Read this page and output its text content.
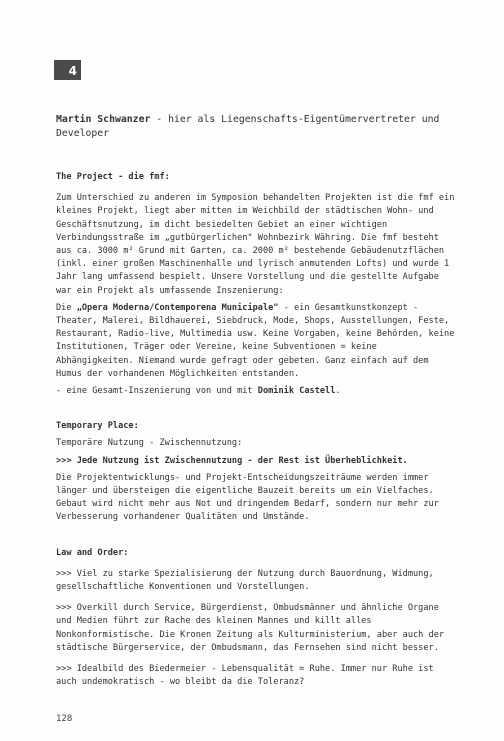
4

Martin Schwanzer - hier als Liegenschafts-Eigentümervertreter und Developer

The Project - die fmf:

Zum Unterschied zu anderen im Symposion behandelten Projekten ist die fmf ein kleines Projekt, liegt aber mitten im Weichbild der städtischen Wohn- und Geschäftsnutzung, im dicht besiedelten Gebiet an einer wichtigen Verbindungsstraße im „gutbürgerlichen" Wohnbezirk Währing. Die fmf besteht aus ca. 3000 m² Grund mit Garten, ca. 2000 m² bestehende Gebäudenutzflächen (inkl. einer großen Maschinenhalle und lyrisch anmutenden Lofts) und wurde 1 Jahr lang umfassend bespielt. Unsere Vorstellung und die gestellte Aufgabe war ein Projekt als umfassende Inszenierung:

Die „Opera Moderna/Contemporena Municipale" - ein Gesamtkunstkonzept - Theater, Malerei, Bildhauerei, Siebdruck, Mode, Shops, Ausstellungen, Feste, Restaurant, Radio-live, Multimedia usw. Keine Vorgaben, keine Behörden, keine Institutionen, Träger oder Vereine, keine Subventionen = keine Abhängigkeiten. Niemand wurde gefragt oder gebeten. Ganz einfach auf dem Humus der vorhandenen Möglichkeiten entstanden.

- eine Gesamt-Inszenierung von und mit Dominik Castell.

Temporary Place:

Temporäre Nutzung - Zwischennutzung:

>>> Jede Nutzung ist Zwischennutzung - der Rest ist Überheblichkeit.

Die Projektentwicklungs- und Projekt-Entscheidungszeiträume werden immer länger und übersteigen die eigentliche Bauzeit bereits um ein Vielfaches. Gebaut wird nicht mehr aus Not und dringendem Bedarf, sondern nur mehr zur Verbesserung vorhandener Qualitäten und Umstände.

Law and Order:

>>> Viel zu starke Spezialisierung der Nutzung durch Bauordnung, Widmung, gesellschaftliche Konventionen und Vorstellungen.

>>> Overkill durch Service, Bürgerdienst, Ombudsmänner und ähnliche Organe und Medien führt zur Rache des kleinen Mannes und killt alles Nonkonformistische. Die Kronen Zeitung als Kulturministerium, aber auch der städtische Bürgerservice, der Ombudsmann, das Fernsehen sind nicht besser.

>>> Idealbild des Biedermeier - Lebensqualität = Ruhe. Immer nur Ruhe ist auch undemokratisch - wo bleibt da die Toleranz?

128
